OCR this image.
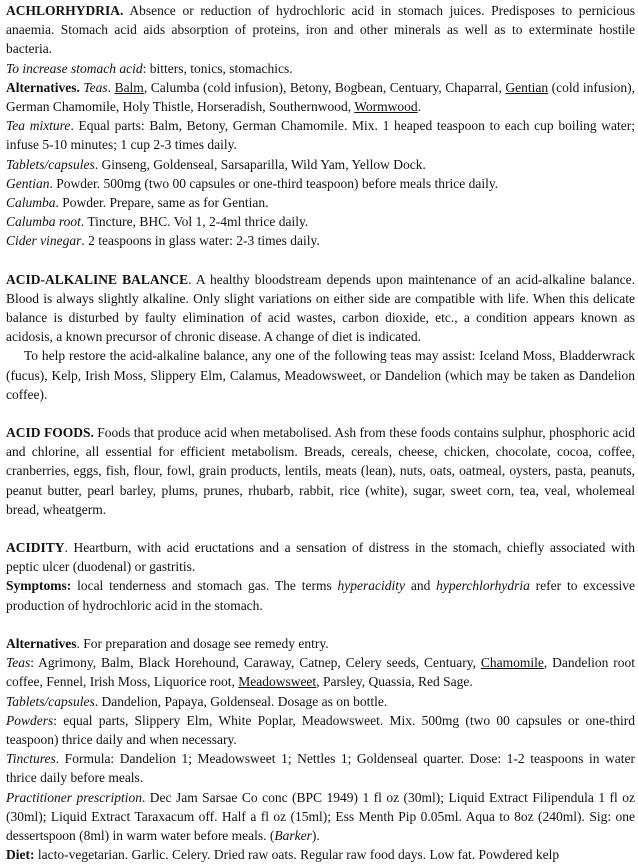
ACHLORHYDRIA. Absence or reduction of hydrochloric acid in stomach juices. Predisposes to pernicious anaemia. Stomach acid aids absorption of proteins, iron and other minerals as well as to exterminate hostile bacteria.

To increase stomach acid: bitters, tonics, stomachics.

Alternatives. Teas. Balm, Calumba (cold infusion), Betony, Bogbean, Centuary, Chaparral, Gentian (cold infusion), German Chamomile, Holy Thistle, Horseradish, Southernwood, Wormwood.

Tea mixture. Equal parts: Balm, Betony, German Chamomile. Mix. 1 heaped teaspoon to each cup boiling water; infuse 5-10 minutes; 1 cup 2-3 times daily.

Tablets/capsules. Ginseng, Goldenseal, Sarsaparilla, Wild Yam, Yellow Dock.

Gentian. Powder. 500mg (two 00 capsules or one-third teaspoon) before meals thrice daily.

Calumba. Powder. Prepare, same as for Gentian.

Calumba root. Tincture, BHC. Vol 1, 2-4ml thrice daily.

Cider vinegar. 2 teaspoons in glass water: 2-3 times daily.

ACID-ALKALINE BALANCE. A healthy bloodstream depends upon maintenance of an acid-alkaline balance. Blood is always slightly alkaline. Only slight variations on either side are compatible with life. When this delicate balance is disturbed by faulty elimination of acid wastes, carbon dioxide, etc., a condition appears known as acidosis, a known precursor of chronic disease. A change of diet is indicated.

To help restore the acid-alkaline balance, any one of the following teas may assist: Iceland Moss, Bladderwrack (fucus), Kelp, Irish Moss, Slippery Elm, Calamus, Meadowsweet, or Dandelion (which may be taken as Dandelion coffee).

ACID FOODS. Foods that produce acid when metabolised. Ash from these foods contains sulphur, phosphoric acid and chlorine, all essential for efficient metabolism. Breads, cereals, cheese, chicken, chocolate, cocoa, coffee, cranberries, eggs, fish, flour, fowl, grain products, lentils, meats (lean), nuts, oats, oatmeal, oysters, pasta, peanuts, peanut butter, pearl barley, plums, prunes, rhubarb, rabbit, rice (white), sugar, sweet corn, tea, veal, wholemeal bread, wheatgerm.

ACIDITY. Heartburn, with acid eructations and a sensation of distress in the stomach, chiefly associated with peptic ulcer (duodenal) or gastritis.

Symptoms: local tenderness and stomach gas. The terms hyperacidity and hyperchlorhydria refer to excessive production of hydrochloric acid in the stomach.

Alternatives. For preparation and dosage see remedy entry.

Teas: Agrimony, Balm, Black Horehound, Caraway, Catnep, Celery seeds, Centuary, Chamomile, Dandelion root coffee, Fennel, Irish Moss, Liquorice root, Meadowsweet, Parsley, Quassia, Red Sage.

Tablets/capsules. Dandelion, Papaya, Goldenseal. Dosage as on bottle.

Powders: equal parts, Slippery Elm, White Poplar, Meadowsweet. Mix. 500mg (two 00 capsules or one-third teaspoon) thrice daily and when necessary.

Tinctures. Formula: Dandelion 1; Meadowsweet 1; Nettles 1; Goldenseal quarter. Dose: 1-2 teaspoons in water thrice daily before meals.

Practitioner prescription. Dec Jam Sarsae Co conc (BPC 1949) 1 fl oz (30ml); Liquid Extract Filipendula 1 fl oz (30ml); Liquid Extract Taraxacum off. Half a fl oz (15ml); Ess Menth Pip 0.05ml. Aqua to 8oz (240ml). Sig: one dessertspoon (8ml) in warm water before meals. (Barker).

Diet: lacto-vegetarian. Garlic. Celery. Dried raw oats. Regular raw food days. Low fat. Powdered kelp
